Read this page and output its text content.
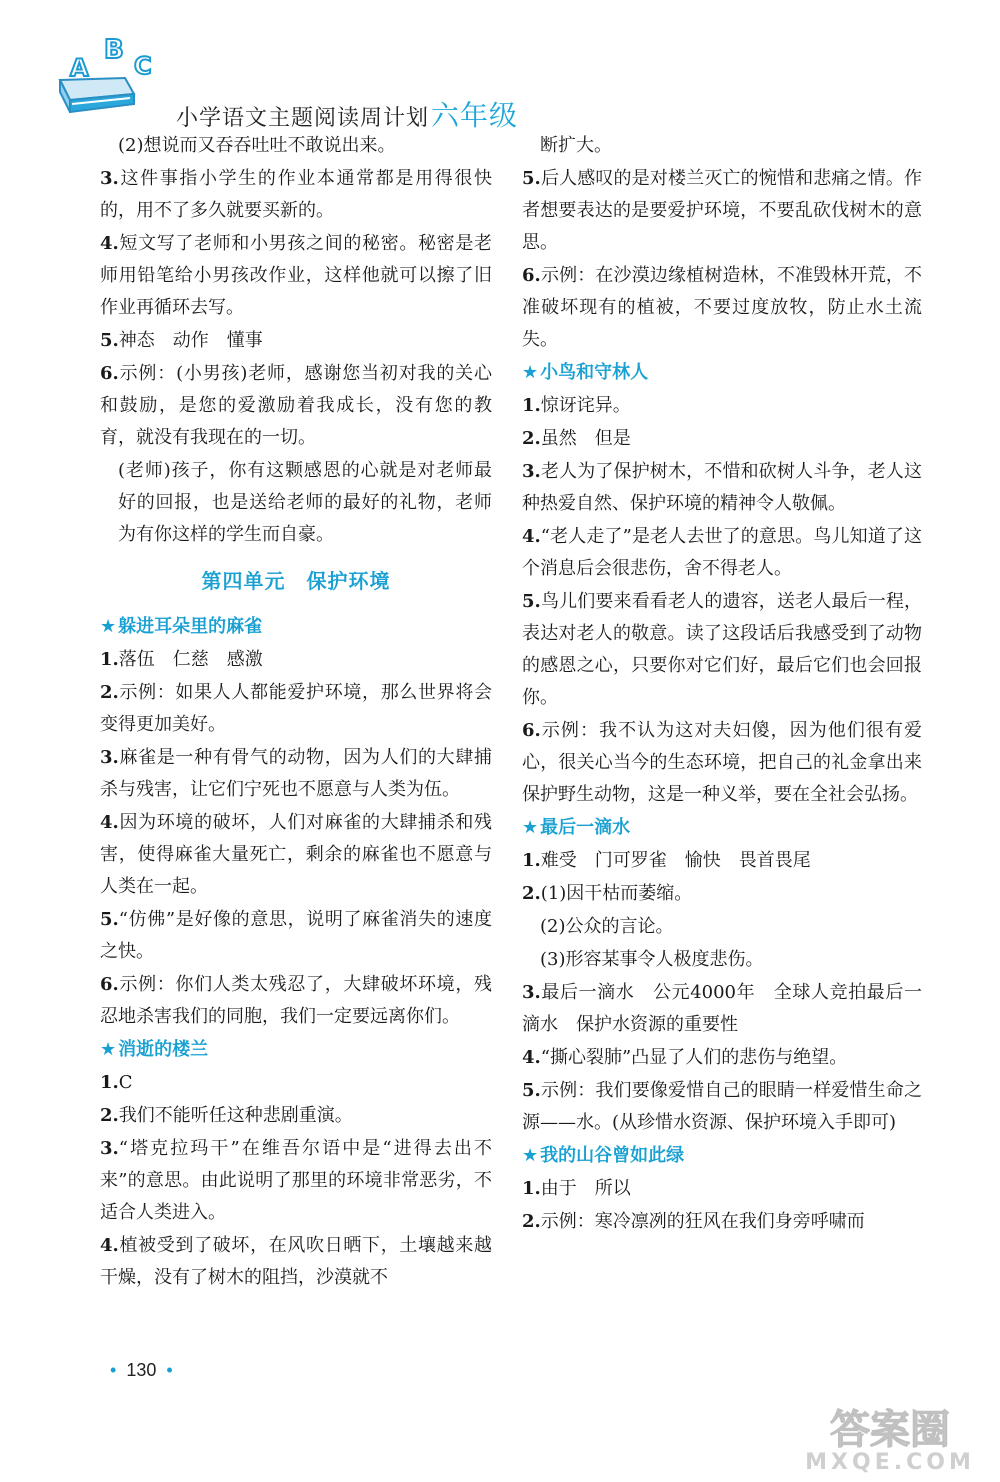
A
B
C
小学语文主题阅读周计划六年级

(2)想说而又吞吞吐吐不敢说出来。

3.这件事指小学生的作业本通常都是用得很快的，用不了多久就要买新的。

4.短文写了老师和小男孩之间的秘密。秘密是老师用铅笔给小男孩改作业，这样他就可以擦了旧作业再循环去写。

5.神态　动作　懂事

6.示例：(小男孩)老师，感谢您当初对我的关心和鼓励，是您的爱激励着我成长，没有您的教育，就没有我现在的一切。

(老师)孩子，你有这颗感恩的心就是对老师最好的回报，也是送给老师的最好的礼物，老师为有你这样的学生而自豪。

第四单元　保护环境
★ 躲进耳朵里的麻雀

1.落伍　仁慈　感激

2.示例：如果人人都能爱护环境，那么世界将会变得更加美好。

3.麻雀是一种有骨气的动物，因为人们的大肆捕杀与残害，让它们宁死也不愿意与人类为伍。

4.因为环境的破坏，人们对麻雀的大肆捕杀和残害，使得麻雀大量死亡，剩余的麻雀也不愿意与人类在一起。

5.“仿佛”是好像的意思，说明了麻雀消失的速度之快。

6.示例：你们人类太残忍了，大肆破坏环境，残忍地杀害我们的同胞，我们一定要远离你们。

★ 消逝的楼兰

1.C

2.我们不能听任这种悲剧重演。

3.“塔克拉玛干”在维吾尔语中是“进得去出不来”的意思。由此说明了那里的环境非常恶劣，不适合人类进入。

4.植被受到了破坏，在风吹日晒下，土壤越来越干燥，没有了树木的阻挡，沙漠就不

断扩大。

5.后人感叹的是对楼兰灭亡的惋惜和悲痛之情。作者想要表达的是要爱护环境，不要乱砍伐树木的意思。

6.示例：在沙漠边缘植树造林，不准毁林开荒，不准破坏现有的植被，不要过度放牧，防止水土流失。

★ 小鸟和守林人

1.惊讶诧异。

2.虽然　但是

3.老人为了保护树木，不惜和砍树人斗争，老人这种热爱自然、保护环境的精神令人敬佩。

4.“老人走了”是老人去世了的意思。鸟儿知道了这个消息后会很悲伤，舍不得老人。

5.鸟儿们要来看看老人的遗容，送老人最后一程，表达对老人的敬意。读了这段话后我感受到了动物的感恩之心，只要你对它们好，最后它们也会回报你。

6.示例：我不认为这对夫妇傻，因为他们很有爱心，很关心当今的生态环境，把自己的礼金拿出来保护野生动物，这是一种义举，要在全社会弘扬。

★ 最后一滴水

1.难受　门可罗雀　愉快　畏首畏尾

2.(1)因干枯而萎缩。

(2)公众的言论。

(3)形容某事令人极度悲伤。

3.最后一滴水　公元4000年　全球人竞拍最后一滴水　保护水资源的重要性

4.“撕心裂肺”凸显了人们的悲伤与绝望。

5.示例：我们要像爱惜自己的眼睛一样爱惜生命之源——水。(从珍惜水资源、保护环境入手即可)

★ 我的山谷曾如此绿

1.由于　所以

2.示例：寒冷凛冽的狂风在我们身旁呼啸而

• 130 •
答案圈
MXQE.COM
